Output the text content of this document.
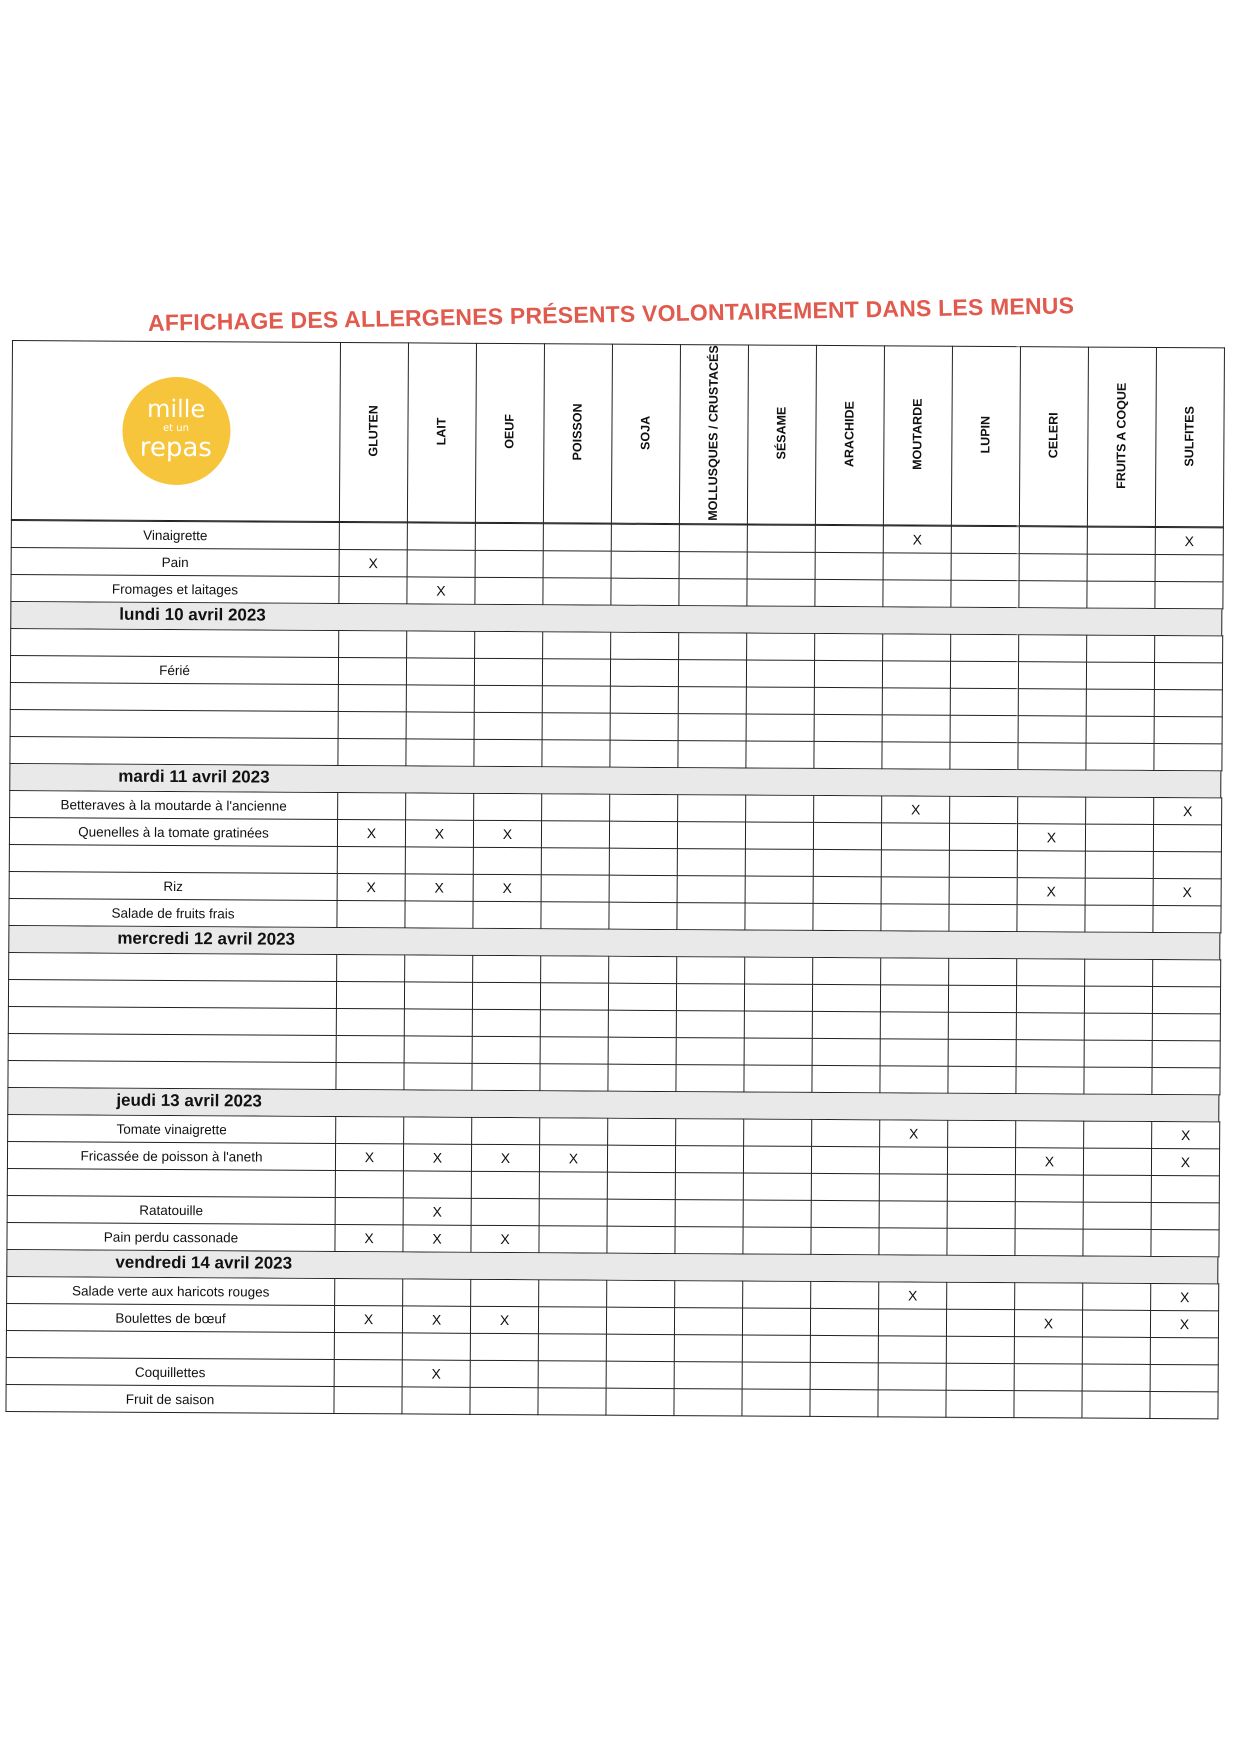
AFFICHAGE DES ALLERGENES PRÉSENTS VOLONTAIREMENT DANS LES MENUS
mille
et un
repas	GLUTEN	LAIT	OEUF	POISSON	SOJA	MOLLUSQUES / CRUSTACÉS	SÉSAME	ARACHIDE	MOUTARDE	LUPIN	CELERI	FRUITS A COQUE	SULFITES
Vinaigrette									X				X
Pain	X												
Fromages et laitages		X											
lundi 10 avril 2023

Férié													

mardi 11 avril 2023
Betteraves à la moutarde à l'ancienne									X				X
Quenelles à la tomate gratinées	X	X	X								X		

Riz	X	X	X								X		X
Salade de fruits frais													
mercredi 12 avril 2023

jeudi 13 avril 2023
Tomate vinaigrette									X				X
Fricassée de poisson à l'aneth	X	X	X	X							X		X

Ratatouille		X											
Pain perdu cassonade	X	X	X										
vendredi 14 avril 2023
Salade verte aux haricots rouges									X				X
Boulettes de bœuf	X	X	X								X		X

Coquillettes		X											
Fruit de saison													
